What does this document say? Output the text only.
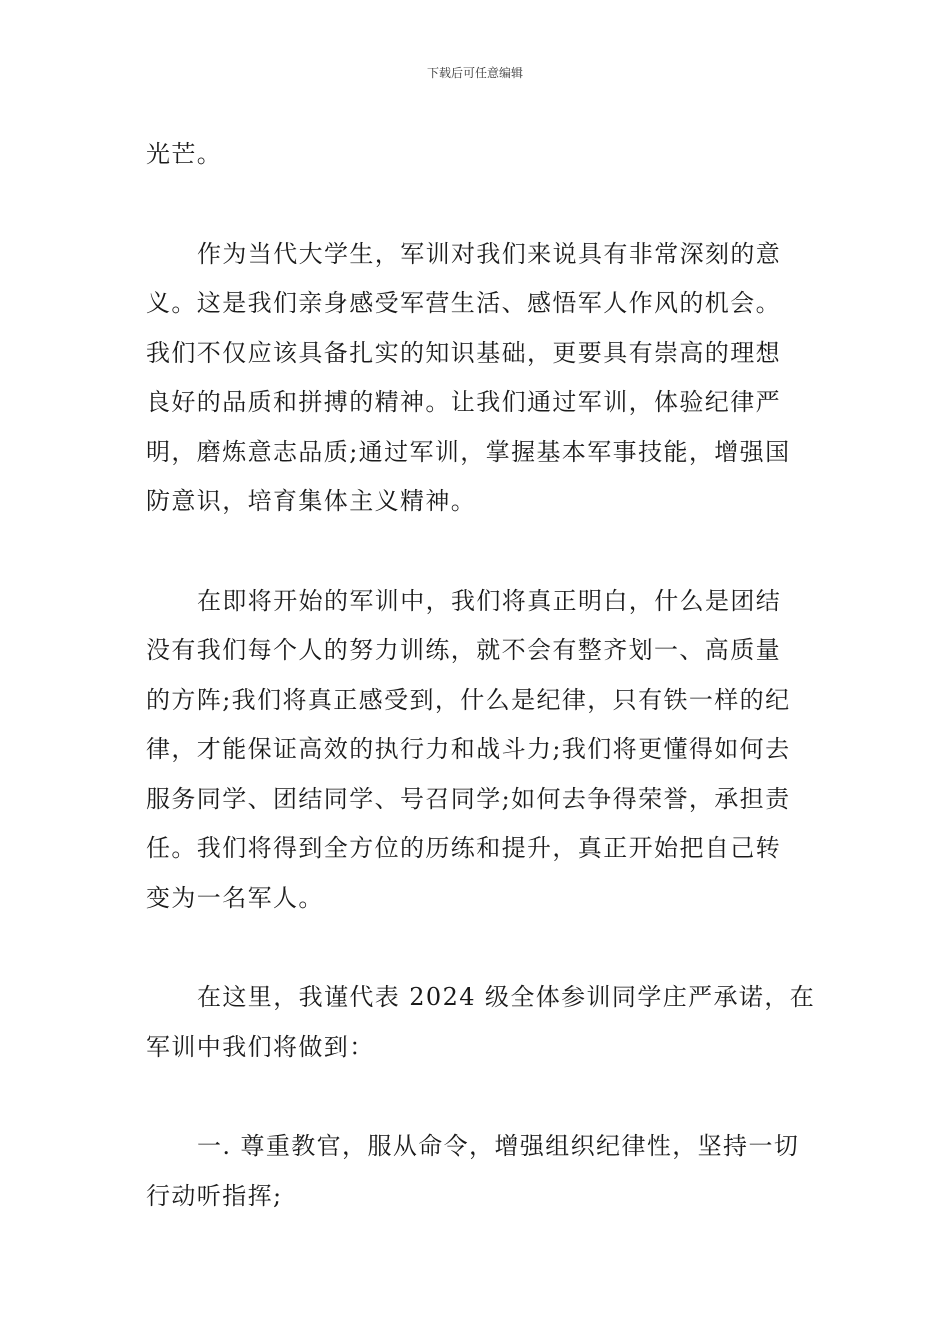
下载后可任意编辑

光芒。

作为当代大学生，军训对我们来说具有非常深刻的意
义。这是我们亲身感受军营生活、感悟军人作风的机会。
我们不仅应该具备扎实的知识基础，更要具有崇高的理想
良好的品质和拼搏的精神。让我们通过军训，体验纪律严
明，磨炼意志品质;通过军训，掌握基本军事技能，增强国
防意识，培育集体主义精神。

在即将开始的军训中，我们将真正明白，什么是团结
没有我们每个人的努力训练，就不会有整齐划一、高质量
的方阵;我们将真正感受到，什么是纪律，只有铁一样的纪
律，才能保证高效的执行力和战斗力;我们将更懂得如何去
服务同学、团结同学、号召同学;如何去争得荣誉，承担责
任。我们将得到全方位的历练和提升，真正开始把自己转
变为一名军人。

在这里，我谨代表 2024 级全体参训同学庄严承诺，在
军训中我们将做到：

一. 尊重教官，服从命令，增强组织纪律性，坚持一切
行动听指挥;
